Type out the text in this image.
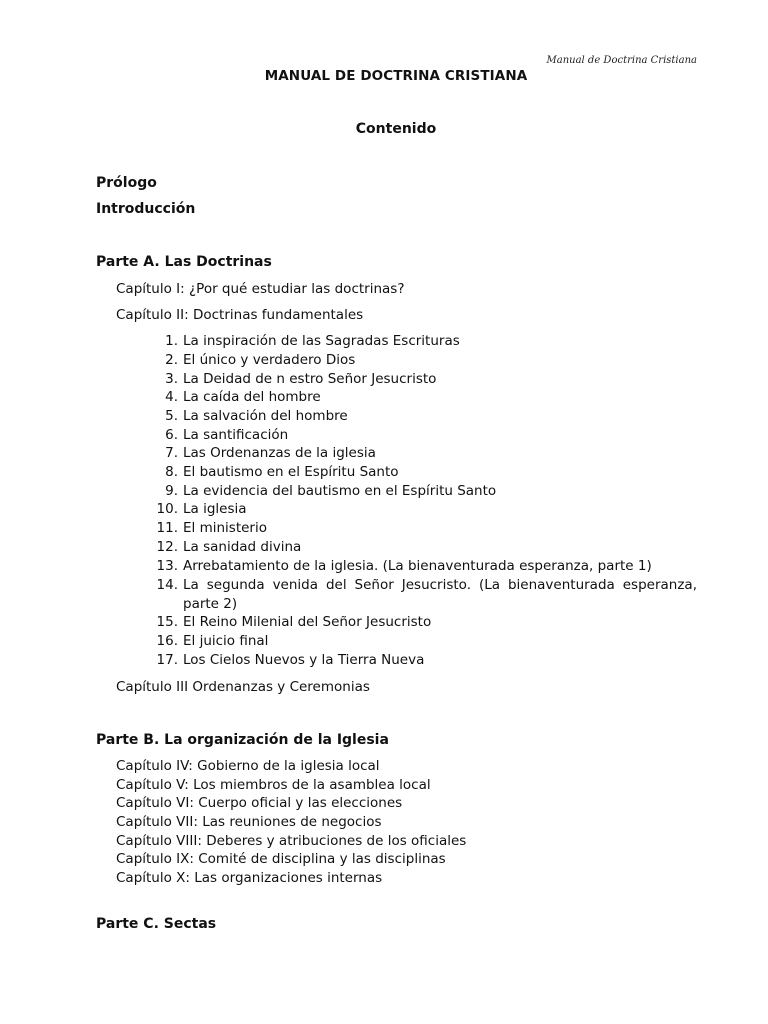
Manual de Doctrina Cristiana
MANUAL DE DOCTRINA CRISTIANA
Contenido
Prólogo
Introducción
Parte A. Las Doctrinas
Capítulo I: ¿Por qué estudiar las doctrinas?
Capítulo II: Doctrinas fundamentales
1. La inspiración de las Sagradas Escrituras
2. El único y verdadero Dios
3. La Deidad de n estro Señor Jesucristo
4. La caída del hombre
5. La salvación del hombre
6. La santificación
7. Las Ordenanzas de la iglesia
8. El bautismo en el Espíritu Santo
9. La evidencia del bautismo en el Espíritu Santo
10. La iglesia
11. El ministerio
12. La sanidad divina
13. Arrebatamiento de la iglesia. (La bienaventurada esperanza, parte 1)
14. La segunda venida del Señor Jesucristo. (La bienaventurada esperanza,
parte 2)
15. El Reino Milenial del Señor Jesucristo
16. El juicio final
17. Los Cielos Nuevos y la Tierra Nueva
Capítulo III Ordenanzas y Ceremonias
Parte B. La organización de la Iglesia
Capítulo IV: Gobierno de la iglesia local
Capítulo V: Los miembros de la asamblea local
Capítulo VI: Cuerpo oficial y las elecciones
Capítulo VII: Las reuniones de negocios
Capítulo VIII: Deberes y atribuciones de los oficiales
Capítulo IX: Comité de disciplina y las disciplinas
Capítulo X: Las organizaciones internas
Parte C. Sectas
